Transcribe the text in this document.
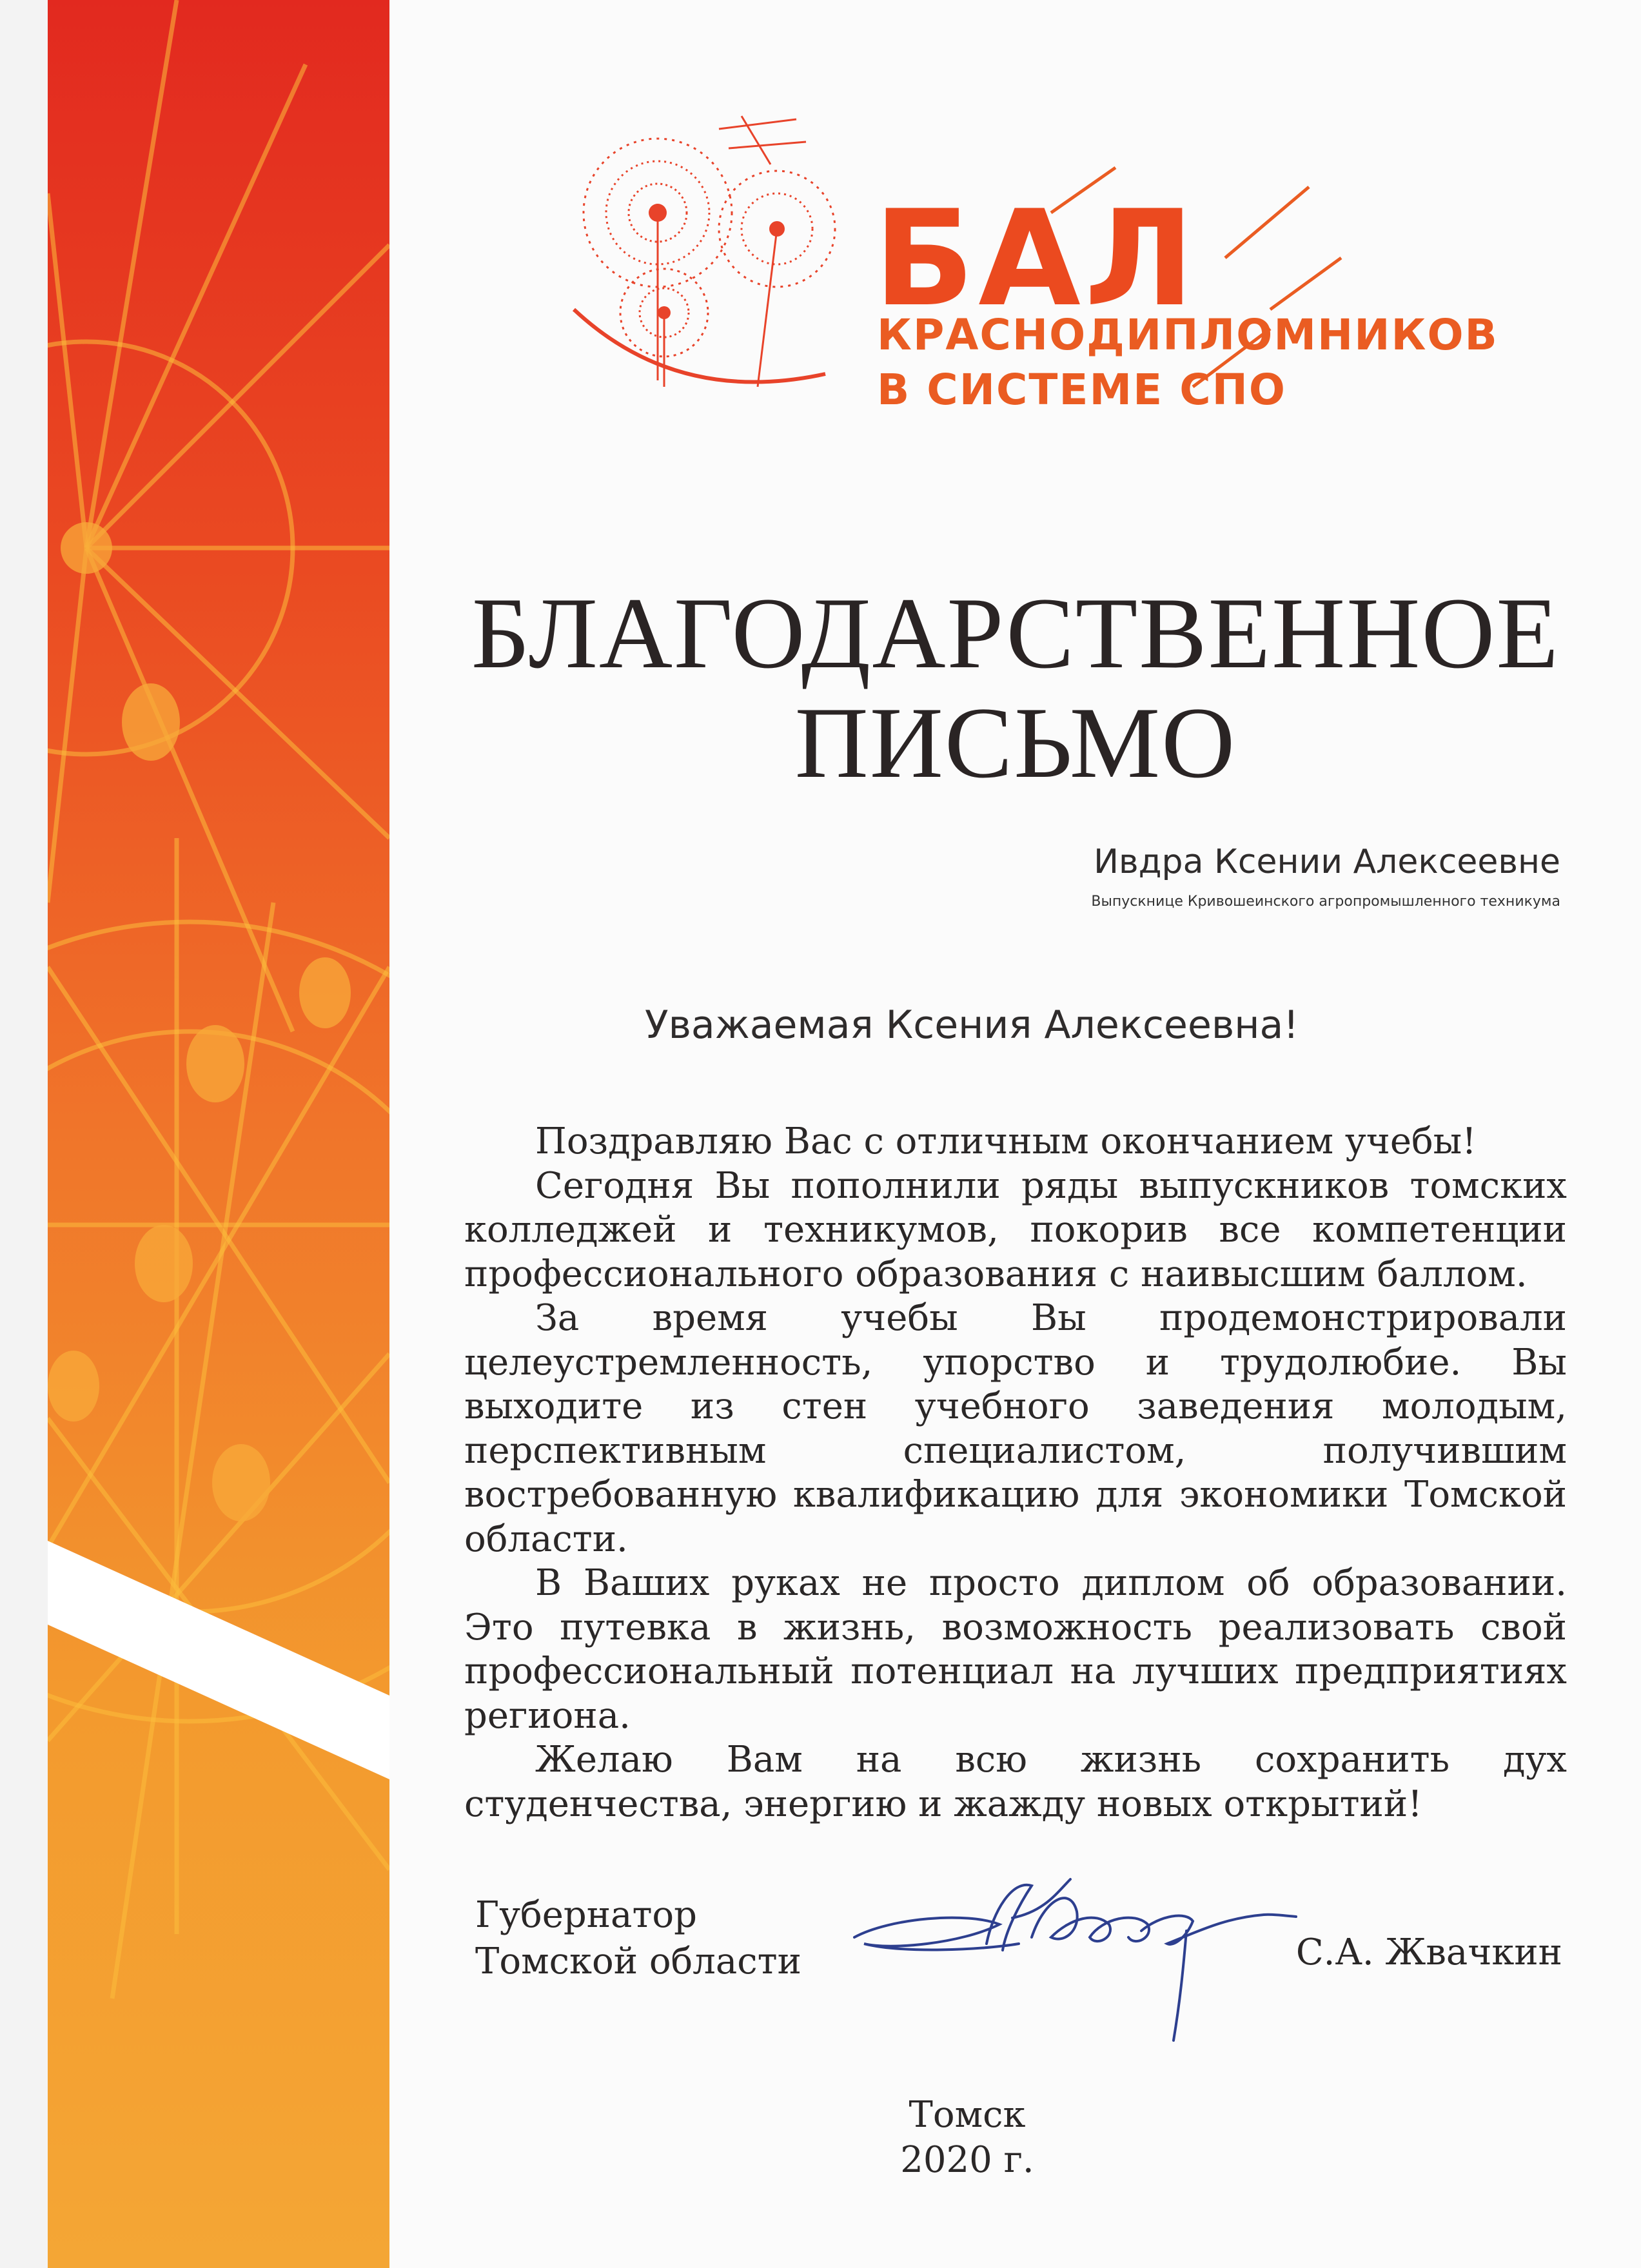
БАЛ

КРАСНОДИПЛОМНИКОВ

В СИСТЕМЕ СПО

БЛАГОДАРСТВЕННОЕ
ПИСЬМО

Ивдра Ксении Алексеевне

Выпускнице Кривошеинского агропромышленного техникума

Уважаемая Ксения Алексеевна!

Поздравляю Вас с отличным окончанием учебы!

Сегодня Вы пополнили ряды выпускников томских колледжей и техникумов, покорив все компетенции профессионального образования с наивысшим баллом.

За время учебы Вы продемонстрировали целеустремленность, упорство и трудолюбие. Вы выходите из стен учебного заведения молодым, перспективным специалистом, получившим востребованную квалификацию для экономики Томской области.

В Ваших руках не просто диплом об образовании. Это путевка в жизнь, возможность реализовать свой профессиональный потенциал на лучших предприятиях региона.

Желаю Вам на всю жизнь сохранить дух студенчества, энергию и жажду новых открытий!

Губернатор
Томской области	С.А. Жвачкин

Томск

2020 г.
